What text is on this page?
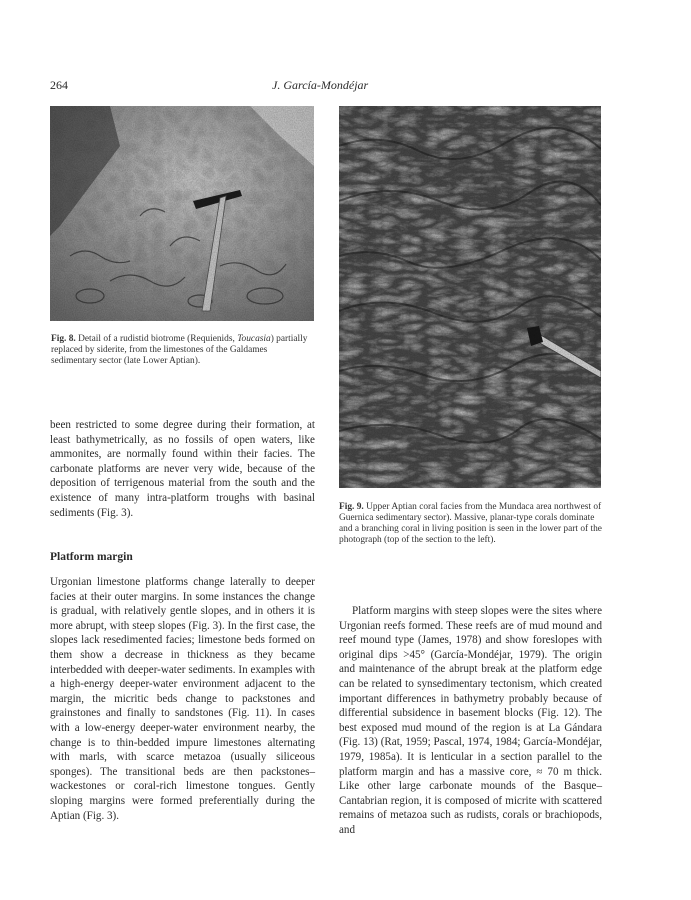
264	J. García-Mondéjar
Fig. 8. Detail of a rudistid biotrome (Requienids, Toucasia) partially replaced by siderite, from the limestones of the Galdames sedimentary sector (late Lower Aptian).
Fig. 9. Upper Aptian coral facies from the Mundaca area northwest of Guernica sedimentary sector). Massive, planar-type corals dominate and a branching coral in living position is seen in the lower part of the photograph (top of the section to the left).

been restricted to some degree during their formation, at least bathymetrically, as no fossils of open waters, like ammonites, are normally found within their facies. The carbonate platforms are never very wide, because of the deposition of terrigenous material from the south and the existence of many intra-platform troughs with basinal sediments (Fig. 3).

Platform margin

Urgonian limestone platforms change laterally to deeper facies at their outer margins. In some instances the change is gradual, with relatively gentle slopes, and in others it is more abrupt, with steep slopes (Fig. 3). In the first case, the slopes lack resedimented facies; limestone beds formed on them show a decrease in thickness as they became interbedded with deeper-water sediments. In examples with a high-energy deeper-water environment adjacent to the margin, the micritic beds change to packstones and grainstones and finally to sandstones (Fig. 11). In cases with a low-energy deeper-water environment nearby, the change is to thin-bedded impure limestones alternating with marls, with scarce metazoa (usually siliceous sponges). The transitional beds are then packstones–wackestones or coral-rich limestone tongues. Gently sloping margins were formed preferentially during the Aptian (Fig. 3).

Platform margins with steep slopes were the sites where Urgonian reefs formed. These reefs are of mud mound and reef mound type (James, 1978) and show foreslopes with original dips >45° (García-Mondéjar, 1979). The origin and maintenance of the abrupt break at the platform edge can be related to synsedimentary tectonism, which created important differences in bathymetry probably because of differential subsidence in basement blocks (Fig. 12). The best exposed mud mound of the region is at La Gándara (Fig. 13) (Rat, 1959; Pascal, 1974, 1984; García-Mondéjar, 1979, 1985a). It is lenticular in a section parallel to the platform margin and has a massive core, ≈ 70 m thick. Like other large carbonate mounds of the Basque–Cantabrian region, it is composed of micrite with scattered remains of metazoa such as rudists, corals or brachiopods, and
